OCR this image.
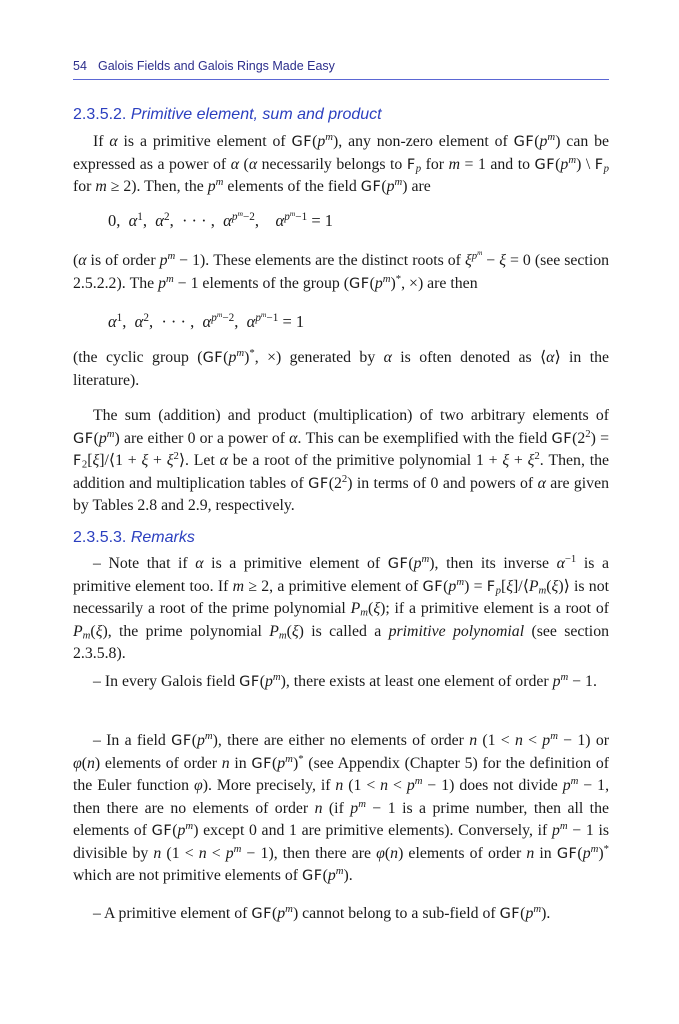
54 Galois Fields and Galois Rings Made Easy
2.3.5.2. Primitive element, sum and product
If α is a primitive element of $GF(p^m)$, any non-zero element of $GF(p^m)$ can be expressed as a power of α (α necessarily belongs to $F_p$ for m = 1 and to $GF(p^m)$ \ $F_p$ for m ≥ 2). Then, the $p^m$ elements of the field $GF(p^m)$ are
0,  $\alpha^1$,  $\alpha^2$,  · · · ,  $\alpha^{p^m-2}$,    $\alpha^{p^m-1} = 1$
(α is of order $p^m - 1$). These elements are the distinct roots of $\xi^{p^m} - \xi = 0$ (see section 2.5.2.2). The $p^m - 1$ elements of the group ($GF(p^m)^*$, ×) are then
$\alpha^1$,  $\alpha^2$,  · · · ,  $\alpha^{p^m-2}$,  $\alpha^{p^m-1} = 1$
(the cyclic group ($GF(p^m)^*$, ×) generated by α is often denoted as ⟨α⟩ in the literature).
The sum (addition) and product (multiplication) of two arbitrary elements of $GF(p^m)$ are either 0 or a power of α. This can be exemplified with the field $GF(2^2)$ = $F_2[\xi]/⟨1 + \xi$ + $\xi^2⟩$. Let α be a root of the primitive polynomial $1 + \xi + \xi^2$. Then, the addition and multiplication tables of $GF(2^2)$ in terms of 0 and powers of α are given by Tables 2.8 and 2.9, respectively.
2.3.5.3. Remarks
– Note that if α is a primitive element of $GF(p^m)$, then its inverse $\alpha^{-1}$ is a primitive element too. If m ≥ 2, a primitive element of $GF(p^m)$ = $F_p[\xi]/⟨P_m(\xi)⟩$ is not necessarily a root of the prime polynomial $P_m(\xi)$; if a primitive element is a root of $P_m(\xi)$, the prime polynomial $P_m(\xi)$ is called a primitive polynomial (see section 2.3.5.8).
– In every Galois field $GF(p^m)$, there exists at least one element of order $p^m - 1$.
– In a field $GF(p^m)$, there are either no elements of order n $(1 < n < p^m - 1)$ or φ(n) elements of order n in $GF(p^m)^*$ (see Appendix (Chapter 5) for the definition of the Euler function φ). More precisely, if n $(1 < n < p^m - 1)$ does not divide $p^m - 1$, then there are no elements of order n (if $p^m - 1$ is a prime number, then all the elements of $GF(p^m)$ except 0 and 1 are primitive elements). Conversely, if $p^m - 1$ is divisible by n $(1 < n < p^m - 1)$, then there are φ(n) elements of order n in $GF(p^m)^*$ which are not primitive elements of $GF(p^m)$.
– A primitive element of $GF(p^m)$ cannot belong to a sub-field of $GF(p^m)$.
